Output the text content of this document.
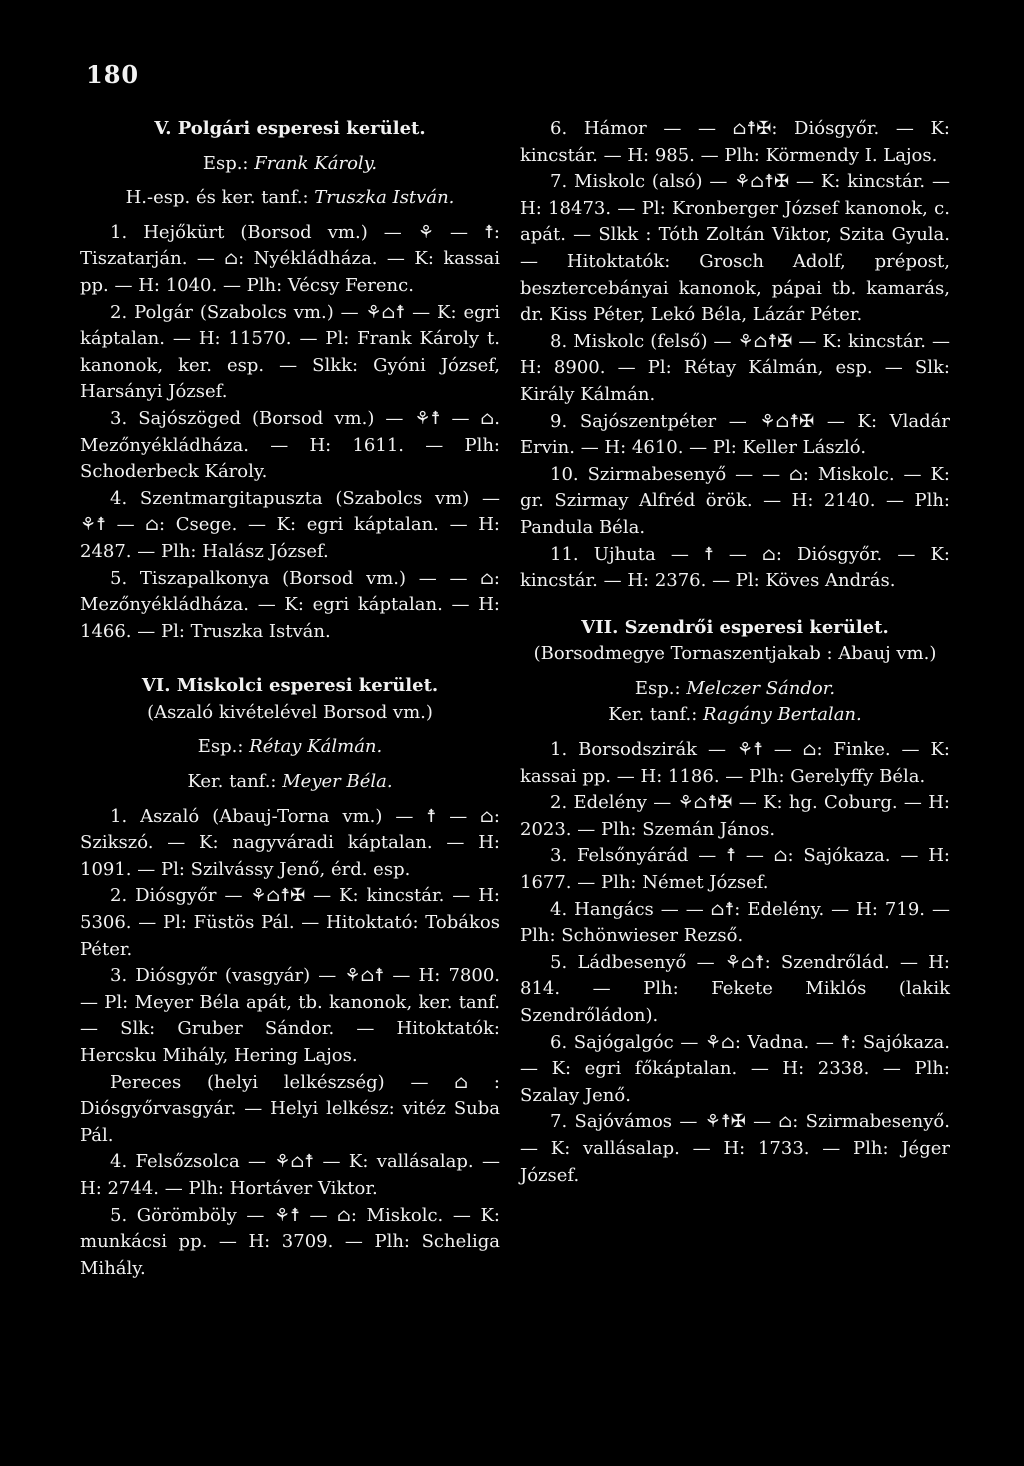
180

V. Polgári esperesi kerület.

Esp.: Frank Károly.

H.-esp. és ker. tanf.: Truszka István.

1. Hejőkürt (Borsod vm.) — ⚘ — ☨: Tiszatarján. — ⌂: Nyékládháza. — K: kassai pp. — H: 1040. — Plh: Vécsy Ferenc.

2. Polgár (Szabolcs vm.) — ⚘⌂☨ — K: egri káptalan. — H: 11570. — Pl: Frank Károly t. kanonok, ker. esp. — Slkk: Gyóni József, Harsányi József.

3. Sajószöged (Borsod vm.) — ⚘☨ — ⌂. Mezőnyékládháza. — H: 1611. — Plh: Schoderbeck Károly.

4. Szentmargitapuszta (Szabolcs vm) — ⚘☨ — ⌂: Csege. — K: egri káptalan. — H: 2487. — Plh: Halász József.

5. Tiszapalkonya (Borsod vm.) — — ⌂: Mezőnyékládháza. — K: egri káptalan. — H: 1466. — Pl: Truszka István.

VI. Miskolci esperesi kerület.

(Aszaló kivételével Borsod vm.)

Esp.: Rétay Kálmán.

Ker. tanf.: Meyer Béla.

1. Aszaló (Abauj-Torna vm.) — ☨ — ⌂: Szikszó. — K: nagyváradi káptalan. — H: 1091. — Pl: Szilvássy Jenő, érd. esp.

2. Diósgyőr — ⚘⌂☨✠ — K: kincstár. — H: 5306. — Pl: Füstös Pál. — Hitoktató: Tobákos Péter.

3. Diósgyőr (vasgyár) — ⚘⌂☨ — H: 7800. — Pl: Meyer Béla apát, tb. kanonok, ker. tanf. — Slk: Gruber Sándor. — Hitoktatók: Hercsku Mihály, Hering Lajos.

Pereces (helyi lelkészség) — ⌂ : Diósgyőrvasgyár. — Helyi lelkész: vitéz Suba Pál.

4. Felsőzsolca — ⚘⌂☨ — K: vallásalap. — H: 2744. — Plh: Hortáver Viktor.

5. Görömböly — ⚘☨ — ⌂: Miskolc. — K: munkácsi pp. — H: 3709. — Plh: Scheliga Mihály.

6. Hámor — — ⌂☨✠: Diósgyőr. — K: kincstár. — H: 985. — Plh: Körmendy I. Lajos.

7. Miskolc (alsó) — ⚘⌂☨✠ — K: kincstár. — H: 18473. — Pl: Kronberger József kanonok, c. apát. — Slkk : Tóth Zoltán Viktor, Szita Gyula. — Hitoktatók: Grosch Adolf, prépost, besztercebányai kanonok, pápai tb. kamarás, dr. Kiss Péter, Lekó Béla, Lázár Péter.

8. Miskolc (felső) — ⚘⌂☨✠ — K: kincstár. — H: 8900. — Pl: Rétay Kálmán, esp. — Slk: Király Kálmán.

9. Sajószentpéter — ⚘⌂☨✠ — K: Vladár Ervin. — H: 4610. — Pl: Keller László.

10. Szirmabesenyő — — ⌂: Miskolc. — K: gr. Szirmay Alfréd örök. — H: 2140. — Plh: Pandula Béla.

11. Ujhuta — ☨ — ⌂: Diósgyőr. — K: kincstár. — H: 2376. — Pl: Köves András.

VII. Szendrői esperesi kerület.

(Borsodmegye Tornaszentjakab : Abauj vm.)

Esp.: Melczer Sándor.

Ker. tanf.: Ragány Bertalan.

1. Borsodszirák — ⚘☨ — ⌂: Finke. — K: kassai pp. — H: 1186. — Plh: Gerelyffy Béla.

2. Edelény — ⚘⌂☨✠ — K: hg. Coburg. — H: 2023. — Plh: Szemán János.

3. Felsőnyárád — ☨ — ⌂: Sajókaza. — H: 1677. — Plh: Német József.

4. Hangács — — ⌂☨: Edelény. — H: 719. — Plh: Schönwieser Rezső.

5. Ládbesenyő — ⚘⌂☨: Szendrőlád. — H: 814. — Plh: Fekete Miklós (lakik Szendrőládon).

6. Sajógalgóc — ⚘⌂: Vadna. — ☨: Sajókaza. — K: egri főkáptalan. — H: 2338. — Plh: Szalay Jenő.

7. Sajóvámos — ⚘☨✠ — ⌂: Szirmabesenyő. — K: vallásalap. — H: 1733. — Plh: Jéger József.
